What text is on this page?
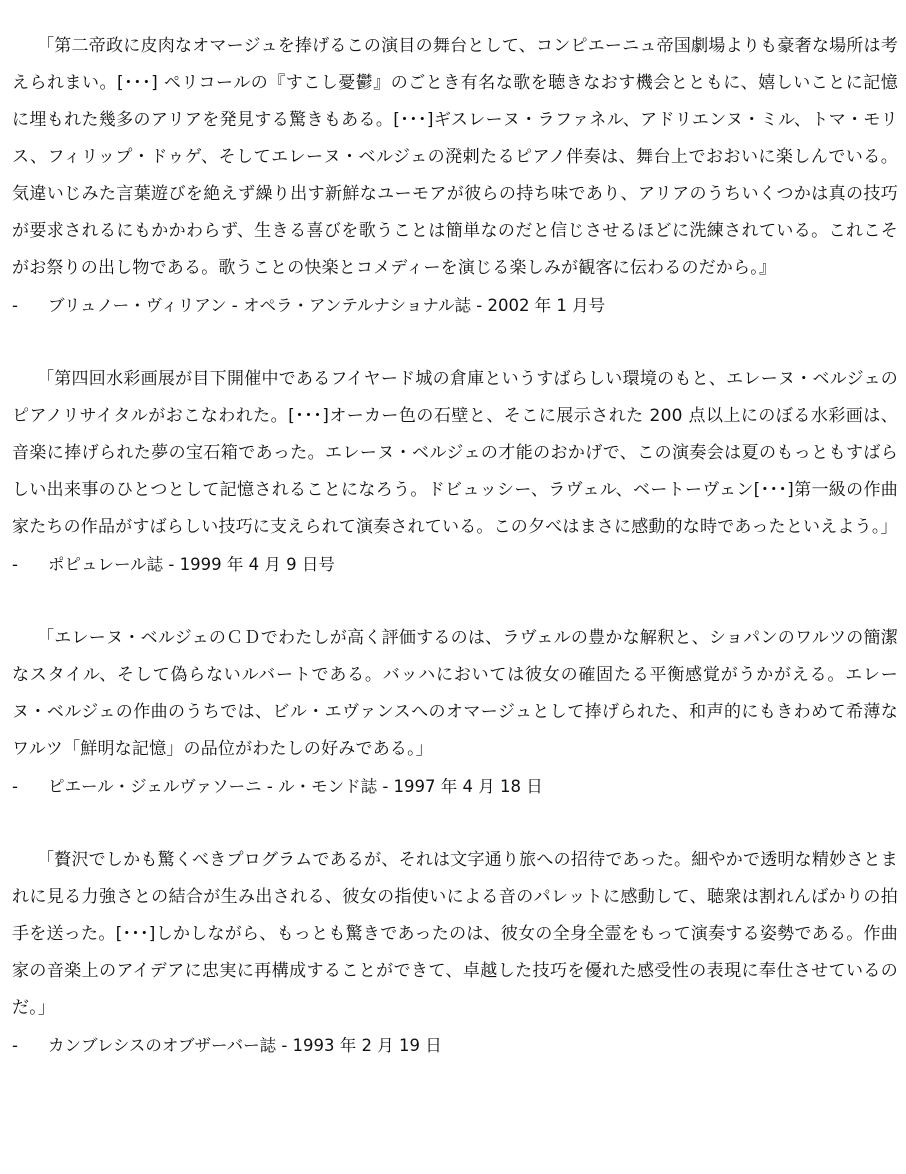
「第二帝政に皮肉なオマージュを捧げるこの演目の舞台として、コンピエーニュ帝国劇場よりも豪奢な場所は考えられまい。[･･･] ペリコールの『すこし憂鬱』のごとき有名な歌を聴きなおす機会とともに、嬉しいことに記憶に埋もれた幾多のアリアを発見する驚きもある。[･･･]ギスレーヌ・ラファネル、アドリエンヌ・ミル、トマ・モリス、フィリップ・ドゥゲ、そしてエレーヌ・ベルジェの溌剌たるピアノ伴奏は、舞台上でおおいに楽しんでいる。気違いじみた言葉遊びを絶えず繰り出す新鮮なユーモアが彼らの持ち味であり、アリアのうちいくつかは真の技巧が要求されるにもかかわらず、生きる喜びを歌うことは簡単なのだと信じさせるほどに洗練されている。これこそがお祭りの出し物である。歌うことの快楽とコメディーを演じる楽しみが観客に伝わるのだから。』

-	ブリュノー・ヴィリアン - オペラ・アンテルナショナル誌 - 2002 年 1 月号

「第四回水彩画展が目下開催中であるフイヤード城の倉庫というすばらしい環境のもと、エレーヌ・ベルジェのピアノリサイタルがおこなわれた。[･･･]オーカー色の石壁と、そこに展示された 200 点以上にのぼる水彩画は、音楽に捧げられた夢の宝石箱であった。エレーヌ・ベルジェの才能のおかげで、この演奏会は夏のもっともすばらしい出来事のひとつとして記憶されることになろう。ドビュッシー、ラヴェル、ベートーヴェン[･･･]第一級の作曲家たちの作品がすばらしい技巧に支えられて演奏されている。この夕べはまさに感動的な時であったといえよう。」

-	ポピュレール誌 - 1999 年 4 月 9 日号

「エレーヌ・ベルジェのＣＤでわたしが高く評価するのは、ラヴェルの豊かな解釈と、ショパンのワルツの簡潔なスタイル、そして偽らないルバートである。バッハにおいては彼女の確固たる平衡感覚がうかがえる。エレーヌ・ベルジェの作曲のうちでは、ビル・エヴァンスへのオマージュとして捧げられた、和声的にもきわめて希薄なワルツ「鮮明な記憶」の品位がわたしの好みである。」

-	ピエール・ジェルヴァソーニ - ル・モンド誌 - 1997 年 4 月 18 日

「贅沢でしかも驚くべきプログラムであるが、それは文字通り旅への招待であった。細やかで透明な精妙さとまれに見る力強さとの結合が生み出される、彼女の指使いによる音のパレットに感動して、聴衆は割れんばかりの拍手を送った。[･･･]しかしながら、もっとも驚きであったのは、彼女の全身全霊をもって演奏する姿勢である。作曲家の音楽上のアイデアに忠実に再構成することができて、卓越した技巧を優れた感受性の表現に奉仕させているのだ。」

-	カンブレシスのオブザーバー誌 - 1993 年 2 月 19 日
